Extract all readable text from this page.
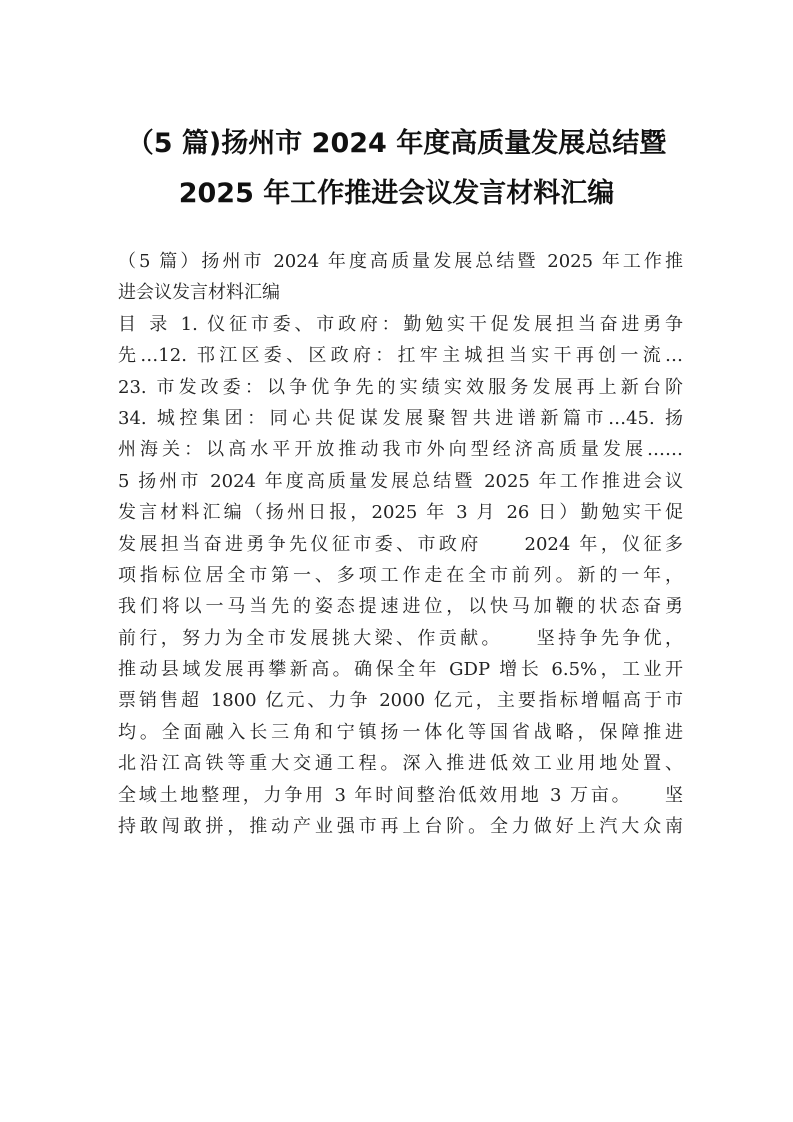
（5 篇)扬州市 2024 年度高质量发展总结暨
2025 年工作推进会议发言材料汇编
（5 篇）扬州市 2024 年度高质量发展总结暨 2025 年工作推
进会议发言材料汇编
目 录 1. 仪征市委、市政府：勤勉实干促发展担当奋进勇争
先…12. 邗江区委、区政府：扛牢主城担当实干再创一流…
23. 市发改委：以争优争先的实绩实效服务发展再上新台阶
34. 城控集团：同心共促谋发展聚智共进谱新篇市…45. 扬
州海关：以高水平开放推动我市外向型经济高质量发展……
5 扬州市 2024 年度高质量发展总结暨 2025 年工作推进会议
发言材料汇编（扬州日报，2025 年 3 月 26 日）勤勉实干促
发展担当奋进勇争先仪征市委、市政府　　2024 年，仪征多
项指标位居全市第一、多项工作走在全市前列。新的一年，
我们将以一马当先的姿态提速进位，以快马加鞭的状态奋勇
前行，努力为全市发展挑大梁、作贡献。　　坚持争先争优，
推动县域发展再攀新高。确保全年 GDP 增长 6.5%，工业开
票销售超 1800 亿元、力争 2000 亿元，主要指标增幅高于市
均。全面融入长三角和宁镇扬一体化等国省战略，保障推进
北沿江高铁等重大交通工程。深入推进低效工业用地处置、
全域土地整理，力争用 3 年时间整治低效用地 3 万亩。　　坚
持敢闯敢拼，推动产业强市再上台阶。全力做好上汽大众南
